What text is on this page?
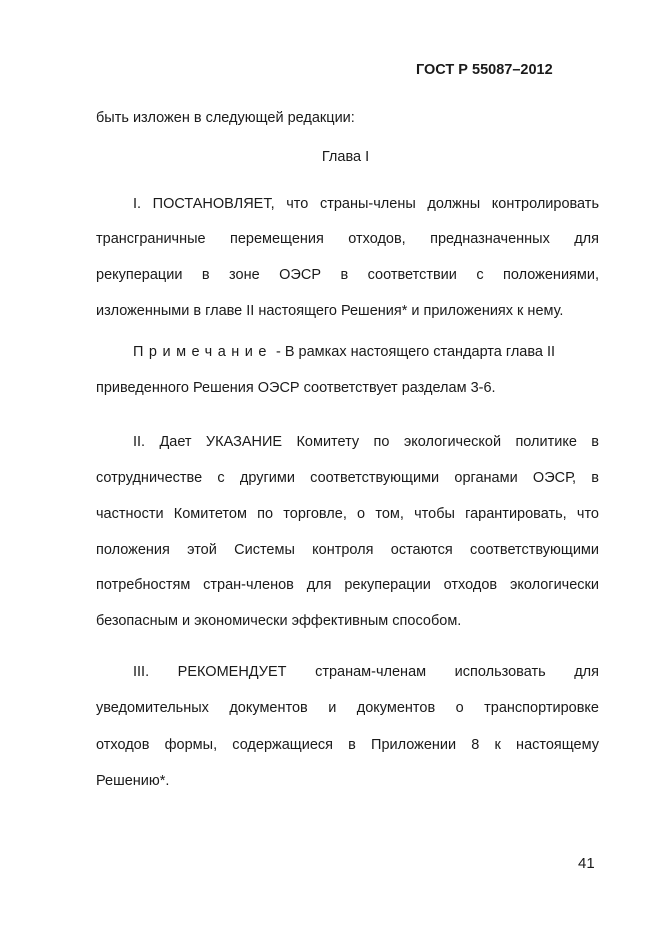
ГОСТ Р 55087–2012
быть изложен в следующей редакции:
Глава I
I. ПОСТАНОВЛЯЕТ, что страны-члены должны контролировать
трансграничные перемещения отходов, предназначенных для
рекуперации в зоне ОЭСР в соответствии с положениями,
изложенными в главе II настоящего Решения* и приложениях к нему.
Примечание - В рамках настоящего стандарта глава II
приведенного Решения ОЭСР соответствует разделам 3-6.
II. Дает УКАЗАНИЕ Комитету по экологической политике в
сотрудничестве с другими соответствующими органами ОЭСР, в
частности Комитетом по торговле, о том, чтобы гарантировать, что
положения этой Системы контроля остаются соответствующими
потребностям стран-членов для рекуперации отходов экологически
безопасным и экономически эффективным способом.
III. РЕКОМЕНДУЕТ странам-членам использовать для
уведомительных документов и документов о транспортировке
отходов формы, содержащиеся в Приложении 8 к настоящему
Решению*.
41
